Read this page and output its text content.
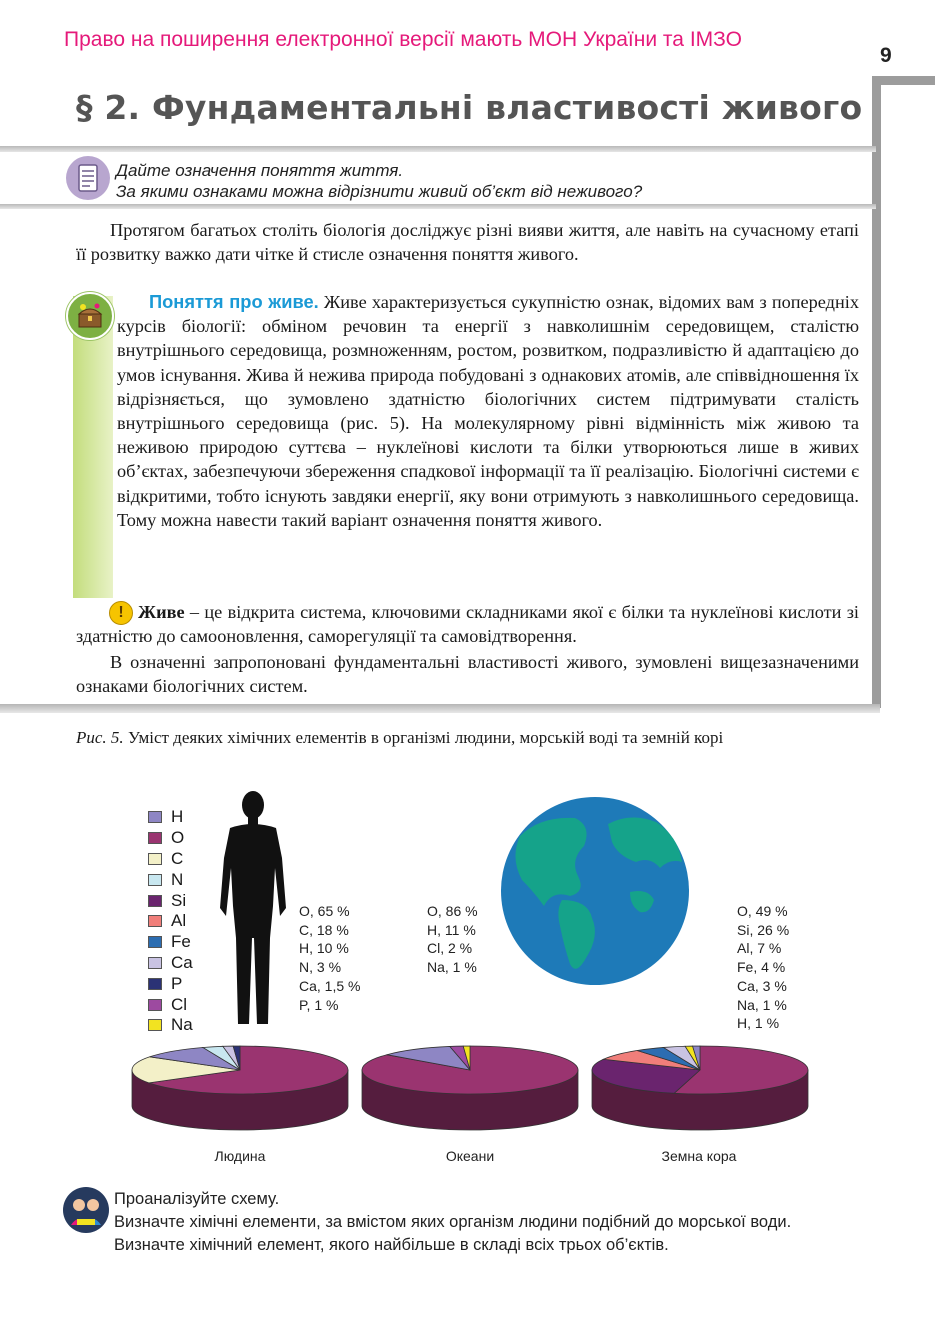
Право на поширення електронної версії мають МОН України та ІМЗО
9
§ 2. Фундаментальні властивості живого
Дайте означення поняття життя.
За якими ознаками можна відрізнити живий об’єкт від неживого?
Протягом багатьох століть біологія досліджує різні вияви життя, але навіть на сучасному етапі її розвитку важко дати чітке й стисле означення поняття живого.
Поняття про живе. Живе характеризується сукупністю ознак, відомих вам з попередніх курсів біології: обміном речовин та енергії з навколишнім середовищем, сталістю внутрішнього середовища, розмноженням, ростом, розвитком, подразливістю й адаптацією до умов існування. Жива й нежива природа побудовані з однакових атомів, але співвідношення їх відрізняється, що зумовлено здатністю біологічних систем підтримувати сталість внутрішнього середовища (рис. 5). На молекулярному рівні відмінність між живою та неживою природою суттєва – нуклеїнові кислоти та білки утворюються лише в живих об’єктах, забезпечуючи збереження спадкової інформації та її реалізацію. Біологічні системи є відкритими, тобто існують завдяки енергії, яку вони отримують з навколишнього середовища. Тому можна навести такий варіант означення поняття живого.
! Живе – це відкрита система, ключовими складниками якої є білки та нуклеїнові кислоти зі здатністю до самооновлення, саморегуляції та самовідтворення.
В означенні запропоновані фундаментальні властивості живого, зумовлені вищезазначеними ознаками біологічних систем.
Рис. 5. Уміст деяких хімічних елементів в організмі людини, морській воді та земній корі
H
O
C
N
Si
Al
Fe
Ca
P
Cl
Na
O, 65 %
C, 18 %
H, 10 %
N, 3 %
Ca, 1,5 %
P, 1 %
O, 86 %
H, 11 %
Cl, 2 %
Na, 1 %
O, 49 %
Si, 26 %
Al, 7 %
Fe, 4 %
Ca, 3 %
Na, 1 %
H, 1 %
Людина	Океани	Земна кора
Проаналізуйте схему.
Визначте хімічні елементи, за вмістом яких організм людини подібний до морської води.
Визначте хімічний елемент, якого найбільше в складі всіх трьох об’єктів.
